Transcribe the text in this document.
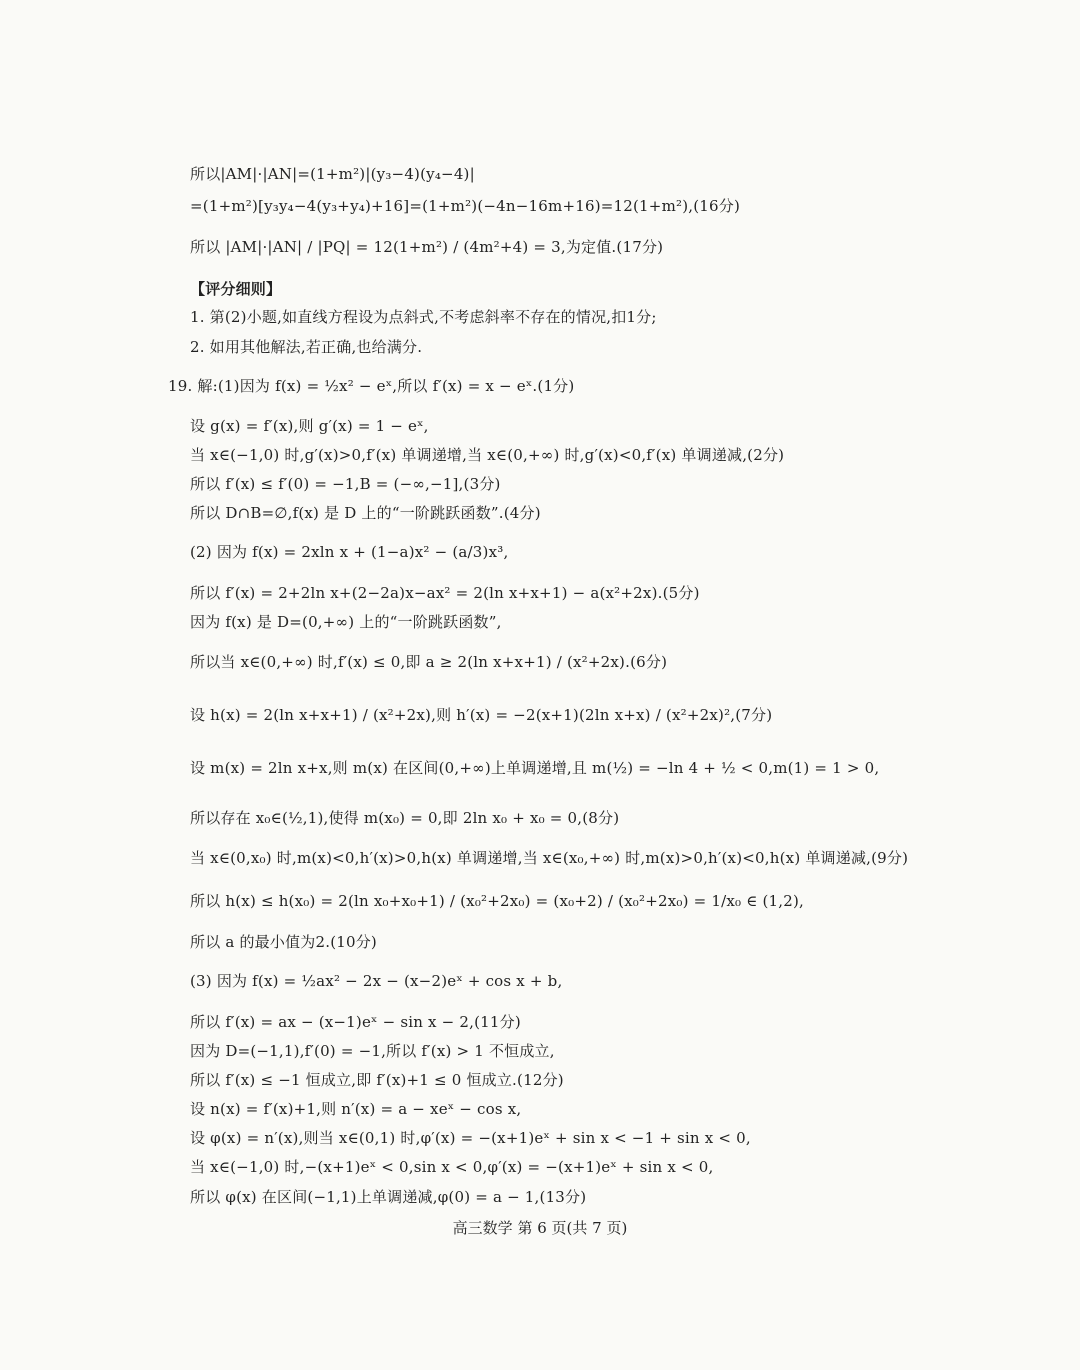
所以|AM|·|AN|=(1+m²)|(y₃−4)(y₄−4)|
=(1+m²)[y₃y₄−4(y₃+y₄)+16]=(1+m²)(−4n−16m+16)=12(1+m²),(16分)
所以 |AM|·|AN| / |PQ| = 12(1+m²) / (4m²+4) = 3,为定值.(17分)
【评分细则】
1. 第(2)小题,如直线方程设为点斜式,不考虑斜率不存在的情况,扣1分;
2. 如用其他解法,若正确,也给满分.
19. 解:(1)因为 f(x) = ½x² − eˣ,所以 f′(x) = x − eˣ.(1分)
设 g(x) = f′(x),则 g′(x) = 1 − eˣ,
当 x∈(−1,0) 时,g′(x)>0,f′(x) 单调递增,当 x∈(0,+∞) 时,g′(x)<0,f′(x) 单调递减,(2分)
所以 f′(x) ≤ f′(0) = −1,B = (−∞,−1],(3分)
所以 D∩B=∅,f(x) 是 D 上的“一阶跳跃函数”.(4分)
(2) 因为 f(x) = 2xln x + (1−a)x² − (a/3)x³,
所以 f′(x) = 2+2ln x+(2−2a)x−ax² = 2(ln x+x+1) − a(x²+2x).(5分)
因为 f(x) 是 D=(0,+∞) 上的“一阶跳跃函数”,
所以当 x∈(0,+∞) 时,f′(x) ≤ 0,即 a ≥ 2(ln x+x+1) / (x²+2x).(6分)
设 h(x) = 2(ln x+x+1) / (x²+2x),则 h′(x) = −2(x+1)(2ln x+x) / (x²+2x)²,(7分)
设 m(x) = 2ln x+x,则 m(x) 在区间(0,+∞)上单调递增,且 m(½) = −ln 4 + ½ < 0,m(1) = 1 > 0,
所以存在 x₀∈(½,1),使得 m(x₀) = 0,即 2ln x₀ + x₀ = 0,(8分)
当 x∈(0,x₀) 时,m(x)<0,h′(x)>0,h(x) 单调递增,当 x∈(x₀,+∞) 时,m(x)>0,h′(x)<0,h(x) 单调递减,(9分)
所以 h(x) ≤ h(x₀) = 2(ln x₀+x₀+1) / (x₀²+2x₀) = (x₀+2) / (x₀²+2x₀) = 1/x₀ ∈ (1,2),
所以 a 的最小值为2.(10分)
(3) 因为 f(x) = ½ax² − 2x − (x−2)eˣ + cos x + b,
所以 f′(x) = ax − (x−1)eˣ − sin x − 2,(11分)
因为 D=(−1,1),f′(0) = −1,所以 f′(x) > 1 不恒成立,
所以 f′(x) ≤ −1 恒成立,即 f′(x)+1 ≤ 0 恒成立.(12分)
设 n(x) = f′(x)+1,则 n′(x) = a − xeˣ − cos x,
设 φ(x) = n′(x),则当 x∈(0,1) 时,φ′(x) = −(x+1)eˣ + sin x < −1 + sin x < 0,
当 x∈(−1,0) 时,−(x+1)eˣ < 0,sin x < 0,φ′(x) = −(x+1)eˣ + sin x < 0,
所以 φ(x) 在区间(−1,1)上单调递减,φ(0) = a − 1,(13分)
高三数学 第 6 页(共 7 页)
